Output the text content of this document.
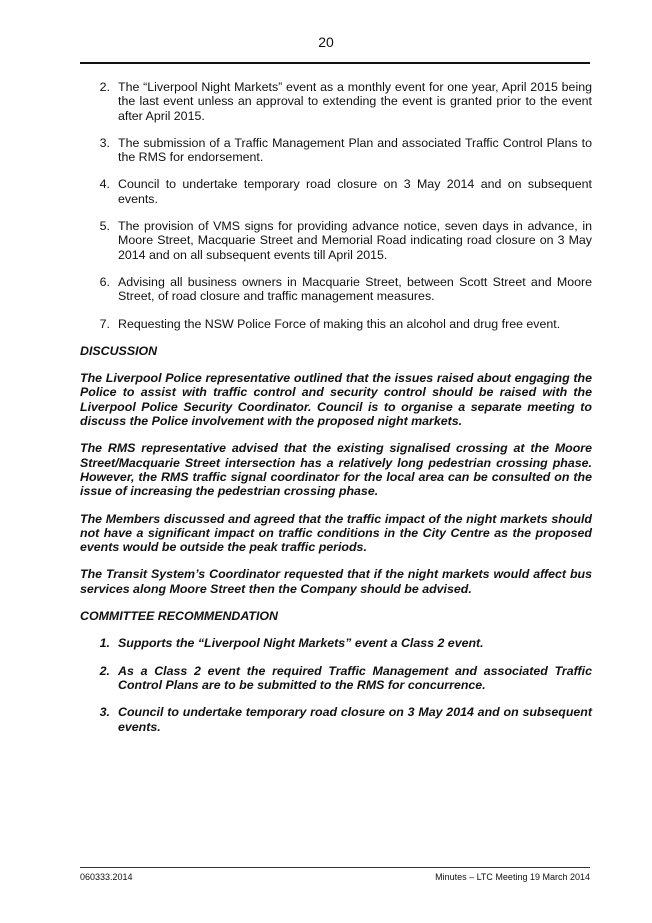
20
2. The “Liverpool Night Markets” event as a monthly event for one year, April 2015 being the last event unless an approval to extending the event is granted prior to the event after April 2015.
3. The submission of a Traffic Management Plan and associated Traffic Control Plans to the RMS for endorsement.
4. Council to undertake temporary road closure on 3 May 2014 and on subsequent events.
5. The provision of VMS signs for providing advance notice, seven days in advance, in Moore Street, Macquarie Street and Memorial Road indicating road closure on 3 May 2014 and on all subsequent events till April 2015.
6. Advising all business owners in Macquarie Street, between Scott Street and Moore Street, of road closure and traffic management measures.
7. Requesting the NSW Police Force of making this an alcohol and drug free event.

DISCUSSION

The Liverpool Police representative outlined that the issues raised about engaging the Police to assist with traffic control and security control should be raised with the Liverpool Police Security Coordinator. Council is to organise a separate meeting to discuss the Police involvement with the proposed night markets.

The RMS representative advised that the existing signalised crossing at the Moore Street/Macquarie Street intersection has a relatively long pedestrian crossing phase. However, the RMS traffic signal coordinator for the local area can be consulted on the issue of increasing the pedestrian crossing phase.

The Members discussed and agreed that the traffic impact of the night markets should not have a significant impact on traffic conditions in the City Centre as the proposed events would be outside the peak traffic periods.

The Transit System’s Coordinator requested that if the night markets would affect bus services along Moore Street then the Company should be advised.

COMMITTEE RECOMMENDATION

1. Supports the “Liverpool Night Markets” event a Class 2 event.
2. As a Class 2 event the required Traffic Management and associated Traffic Control Plans are to be submitted to the RMS for concurrence.
3. Council to undertake temporary road closure on 3 May 2014 and on subsequent events.
060333.2014	Minutes – LTC Meeting 19 March 2014
